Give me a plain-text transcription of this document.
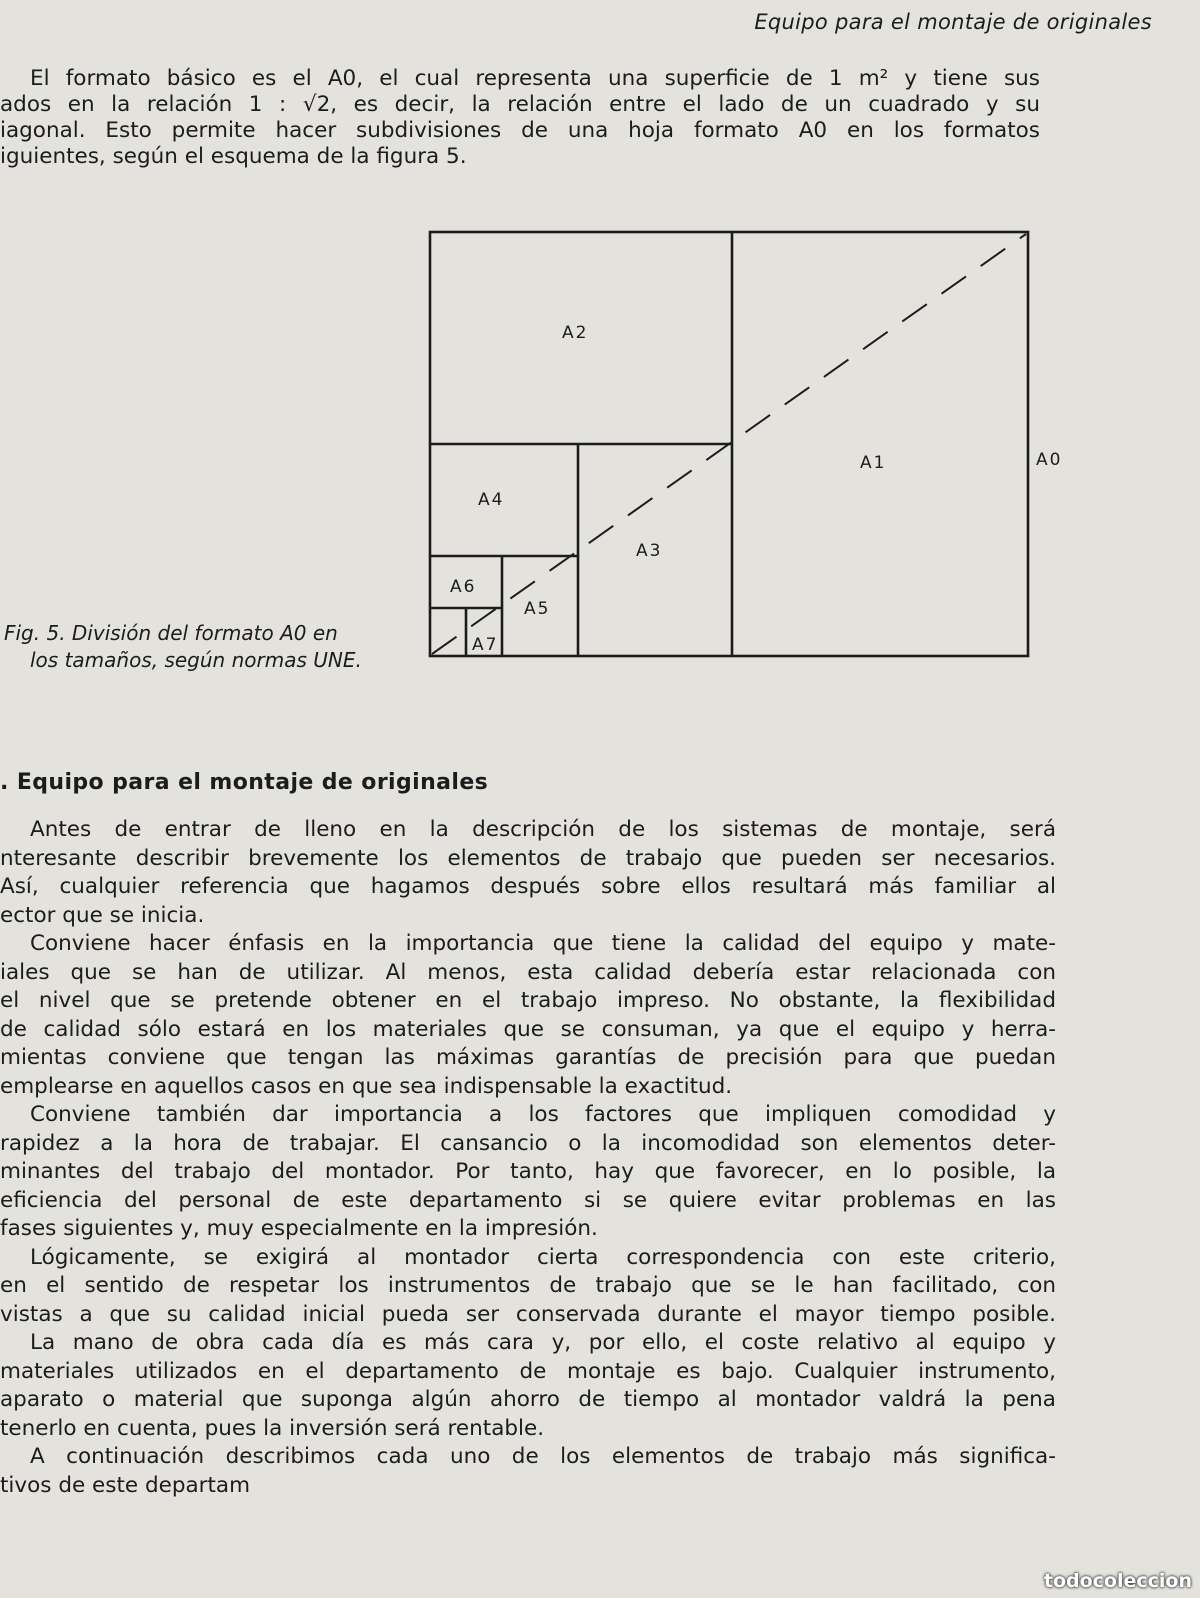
Equipo para el montaje de originales
El formato básico es el A0, el cual representa una superficie de 1 m² y tiene sus
ados en la relación 1 : √2, es decir, la relación entre el lado de un cuadrado y su
iagonal. Esto permite hacer subdivisiones de una hoja formato A0 en los formatos
iguientes, según el esquema de la figura 5.
A2
A1
A4
A3
A6
A5
A7
A0
Fig. 5. División del formato A0 en
los tamaños, según normas UNE.
. Equipo para el montaje de originales
Antes de entrar de lleno en la descripción de los sistemas de montaje, será
nteresante describir brevemente los elementos de trabajo que pueden ser necesarios.
Así, cualquier referencia que hagamos después sobre ellos resultará más familiar al
ector que se inicia.
Conviene hacer énfasis en la importancia que tiene la calidad del equipo y mate-
iales que se han de utilizar. Al menos, esta calidad debería estar relacionada con
el nivel que se pretende obtener en el trabajo impreso. No obstante, la flexibilidad
de calidad sólo estará en los materiales que se consuman, ya que el equipo y herra-
mientas conviene que tengan las máximas garantías de precisión para que puedan
emplearse en aquellos casos en que sea indispensable la exactitud.
Conviene también dar importancia a los factores que impliquen comodidad y
rapidez a la hora de trabajar. El cansancio o la incomodidad son elementos deter-
minantes del trabajo del montador. Por tanto, hay que favorecer, en lo posible, la
eficiencia del personal de este departamento si se quiere evitar problemas en las
fases siguientes y, muy especialmente en la impresión.
Lógicamente, se exigirá al montador cierta correspondencia con este criterio,
en el sentido de respetar los instrumentos de trabajo que se le han facilitado, con
vistas a que su calidad inicial pueda ser conservada durante el mayor tiempo posible.
La mano de obra cada día es más cara y, por ello, el coste relativo al equipo y
materiales utilizados en el departamento de montaje es bajo. Cualquier instrumento,
aparato o material que suponga algún ahorro de tiempo al montador valdrá la pena
tenerlo en cuenta, pues la inversión será rentable.
A continuación describimos cada uno de los elementos de trabajo más significa-
tivos de este departam
todocoleccion
